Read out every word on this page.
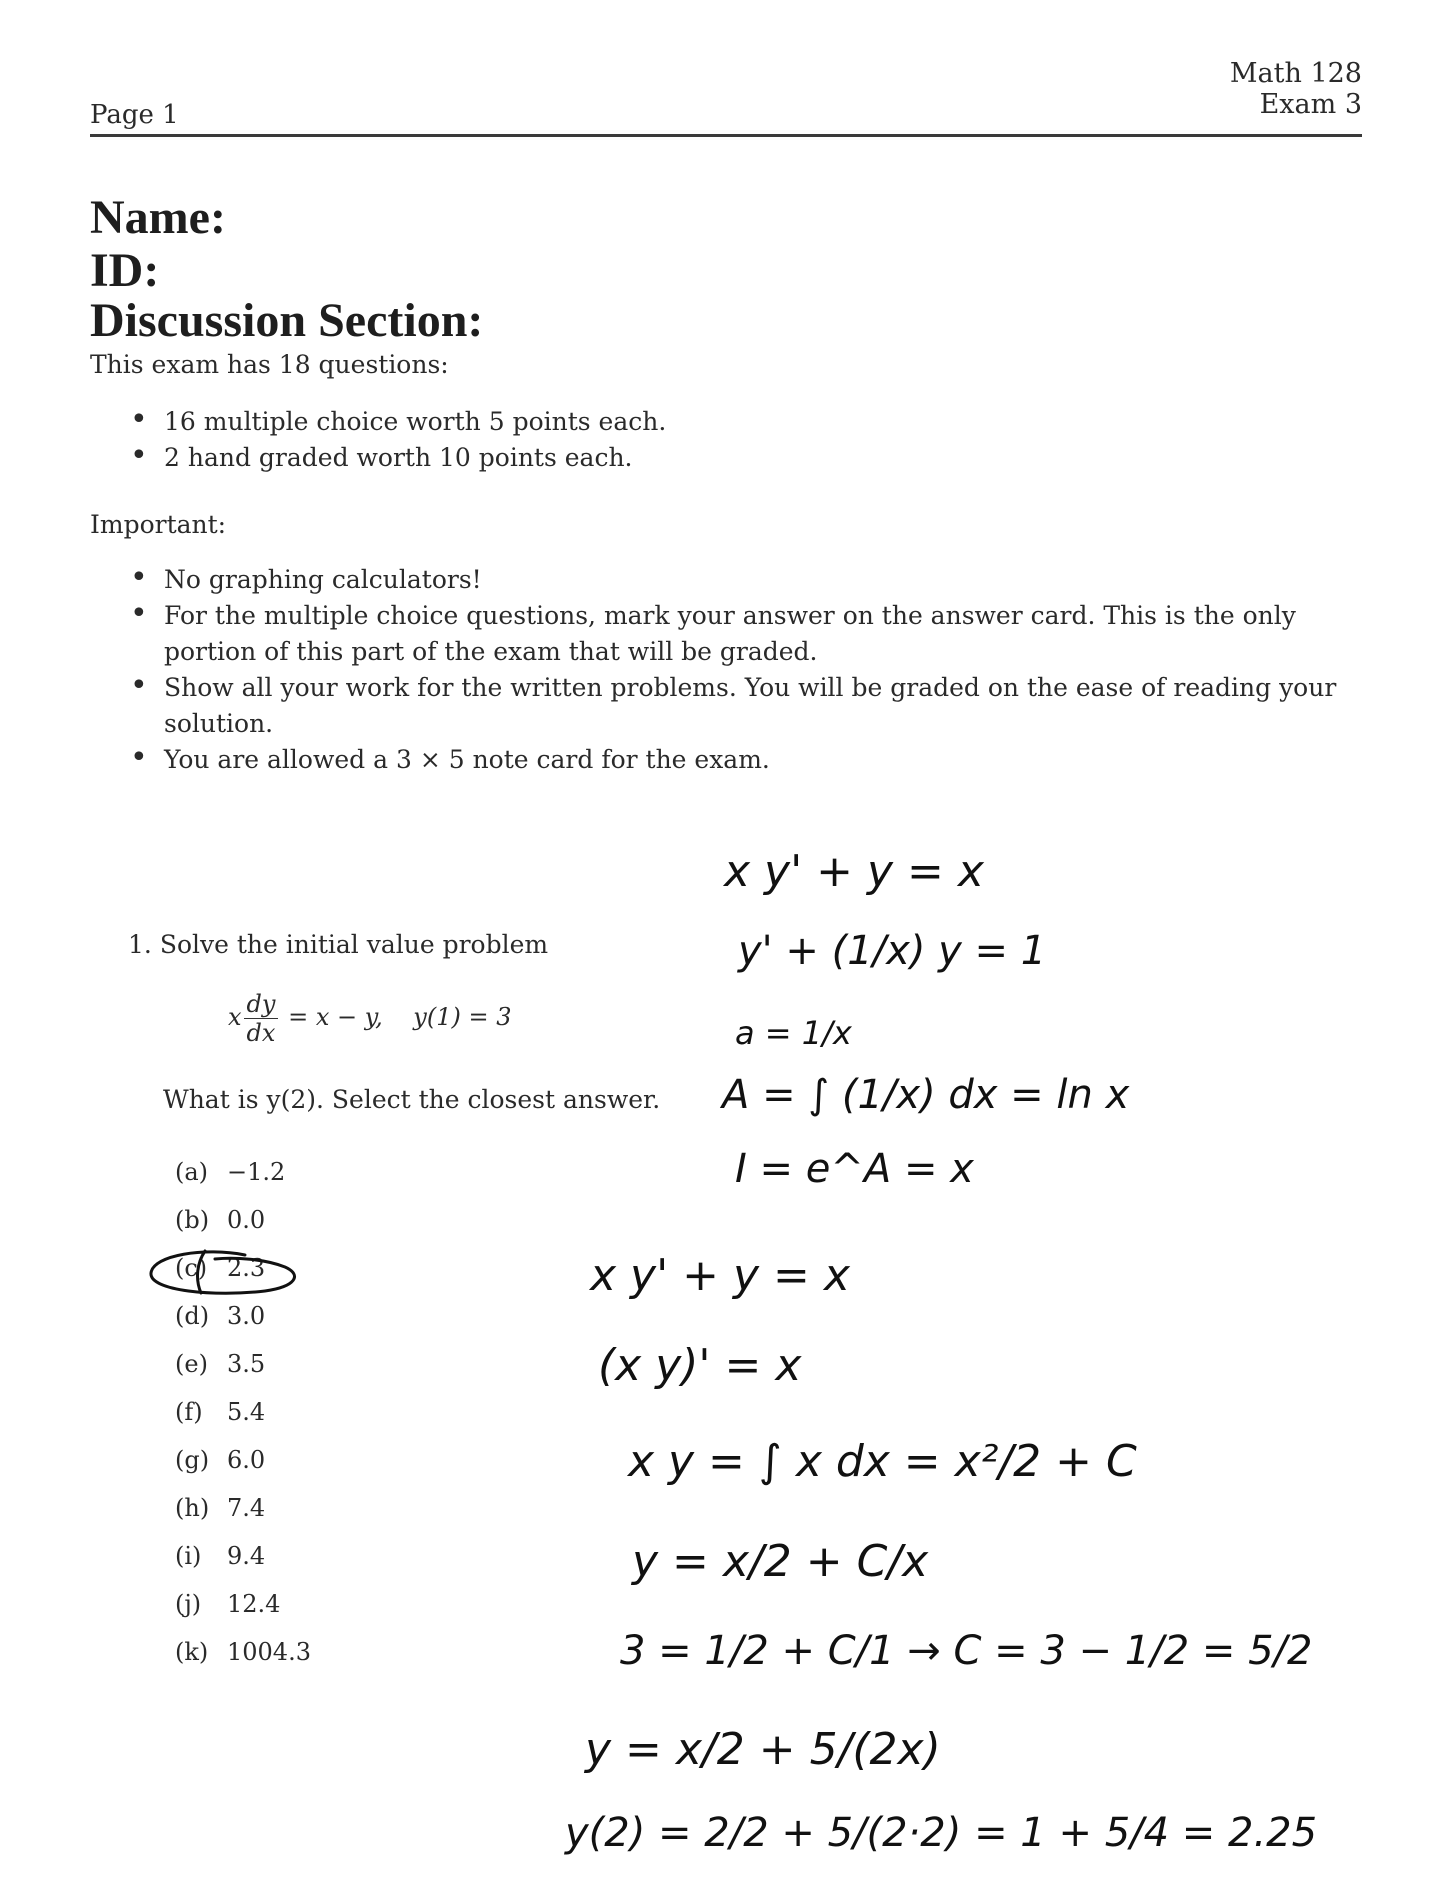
Page 1
Math 128
Exam 3
Name:
ID:
Discussion Section:
This exam has 18 questions:
• 16 multiple choice worth 5 points each.
• 2 hand graded worth 10 points each.
Important:
• No graphing calculators!
• For the multiple choice questions, mark your answer on the answer card. This is the only portion of this part of the exam that will be graded.
• Show all your work for the written problems. You will be graded on the ease of reading your solution.
• You are allowed a 3 × 5 note card for the exam.
1. Solve the initial value problem
x $\frac{dy}{dx} = x - y$,    y(1) = 3
What is y(2). Select the closest answer.
(a) −1.2
(b) 0.0
(c) 2.3
(d) 3.0
(e) 3.5
(f) 5.4
(g) 6.0
(h) 7.4
(i) 9.4
(j) 12.4
(k) 1004.3
x y' + y = x
y' + (1/x) y = 1
a = 1/x
A = ∫ (1/x) dx = ln x
I = e^A = x
x y' + y = x
(x y)' = x
x y = ∫ x dx = x²/2 + C
y = x/2 + C/x
3 = 1/2 + C/1 → C = 3 − 1/2 = 5/2
y = x/2 + 5/(2x)
y(2) = 2/2 + 5/(2·2) = 1 + 5/4 = 2.25
